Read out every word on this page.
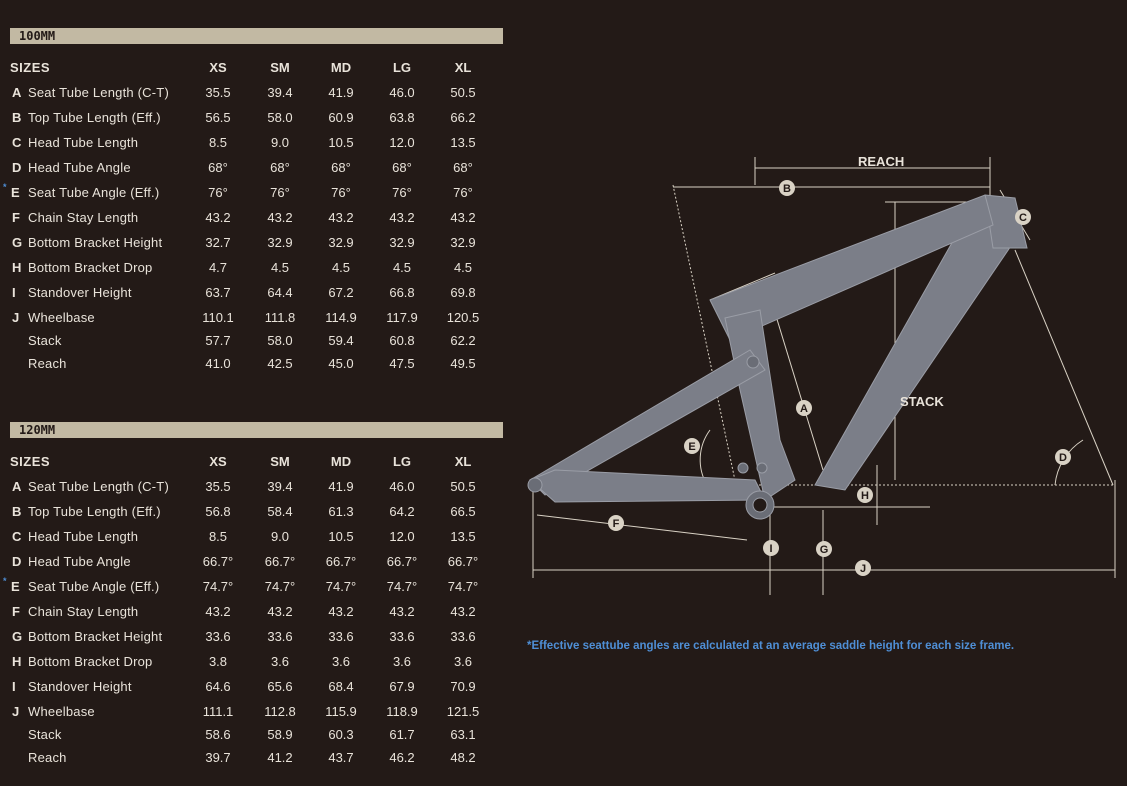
100MM
SIZES	XS	SM	MD	LG	XL
A Seat Tube Length (C-T)	35.5	39.4	41.9	46.0	50.5
B Top Tube Length (Eff.)	56.5	58.0	60.9	63.8	66.2
C Head Tube Length	8.5	9.0	10.5	12.0	13.5
D Head Tube Angle	68°	68°	68°	68°	68°
* E Seat Tube Angle (Eff.)	76°	76°	76°	76°	76°
F Chain Stay Length	43.2	43.2	43.2	43.2	43.2
G Bottom Bracket Height	32.7	32.9	32.9	32.9	32.9
H Bottom Bracket Drop	4.7	4.5	4.5	4.5	4.5
I Standover Height	63.7	64.4	67.2	66.8	69.8
J Wheelbase	110.1	111.8	114.9	117.9	120.5
Stack	57.7	58.0	59.4	60.8	62.2
Reach	41.0	42.5	45.0	47.5	49.5
120MM
SIZES	XS	SM	MD	LG	XL
A Seat Tube Length (C-T)	35.5	39.4	41.9	46.0	50.5
B Top Tube Length (Eff.)	56.8	58.4	61.3	64.2	66.5
C Head Tube Length	8.5	9.0	10.5	12.0	13.5
D Head Tube Angle	66.7°	66.7°	66.7°	66.7°	66.7°
* E Seat Tube Angle (Eff.)	74.7°	74.7°	74.7°	74.7°	74.7°
F Chain Stay Length	43.2	43.2	43.2	43.2	43.2
G Bottom Bracket Height	33.6	33.6	33.6	33.6	33.6
H Bottom Bracket Drop	3.8	3.6	3.6	3.6	3.6
I Standover Height	64.6	65.6	68.4	67.9	70.9
J Wheelbase	111.1	112.8	115.9	118.9	121.5
Stack	58.6	58.9	60.3	61.7	63.1
Reach	39.7	41.2	43.7	46.2	48.2
REACH
STACK
A
B
C
D
E
F
G
H
I
J
*Effective seattube angles are calculated at an average saddle height for each size frame.
